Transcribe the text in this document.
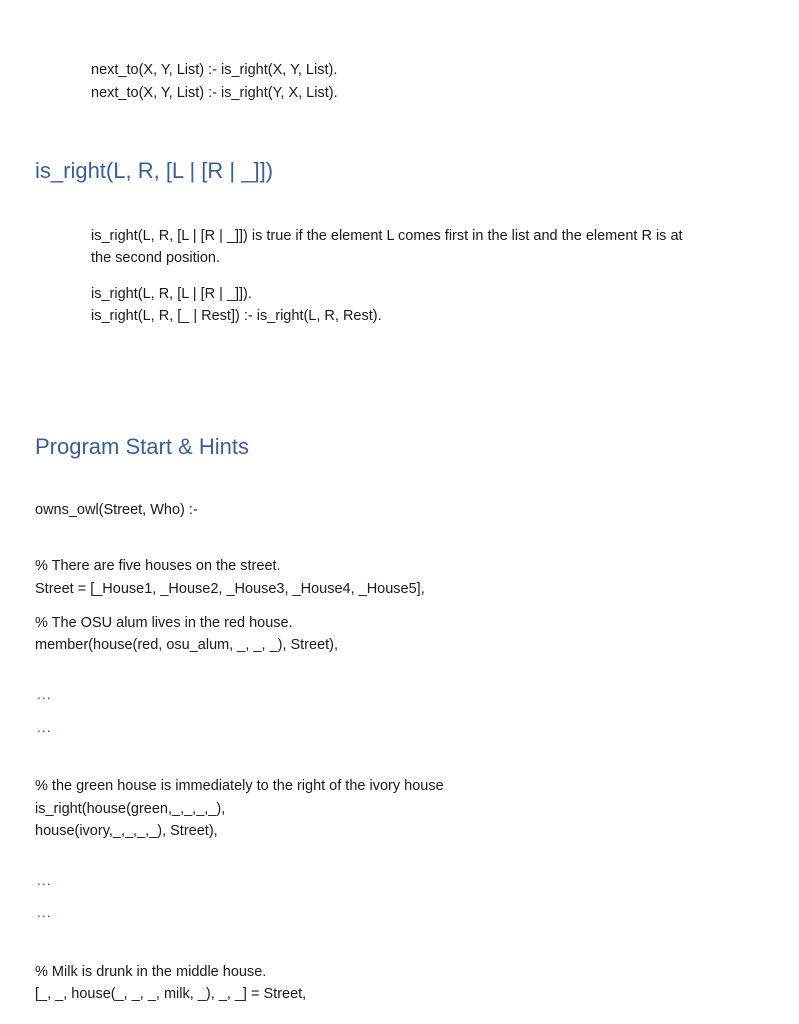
next_to(X, Y, List) :- is_right(X, Y, List).
next_to(X, Y, List) :- is_right(Y, X, List).
is_right(L, R, [L | [R | _]])
is_right(L, R, [L | [R | _]]) is true if the element L comes first in the list and the element R is at
the second position.
is_right(L, R, [L | [R | _]]).
is_right(L, R, [_ | Rest]) :- is_right(L, R, Rest).
Program Start & Hints
owns_owl(Street, Who) :-
% There are five houses on the street.
Street = [_House1, _House2, _House3, _House4, _House5],
% The OSU alum lives in the red house.
member(house(red, osu_alum, _, _, _), Street),
...
...
% the green house is immediately to the right of the ivory house
is_right(house(green,_,_,_,_),
house(ivory,_,_,_,_), Street),
...
...
% Milk is drunk in the middle house.
[_, _, house(_, _, _, milk, _), _, _] = Street,
